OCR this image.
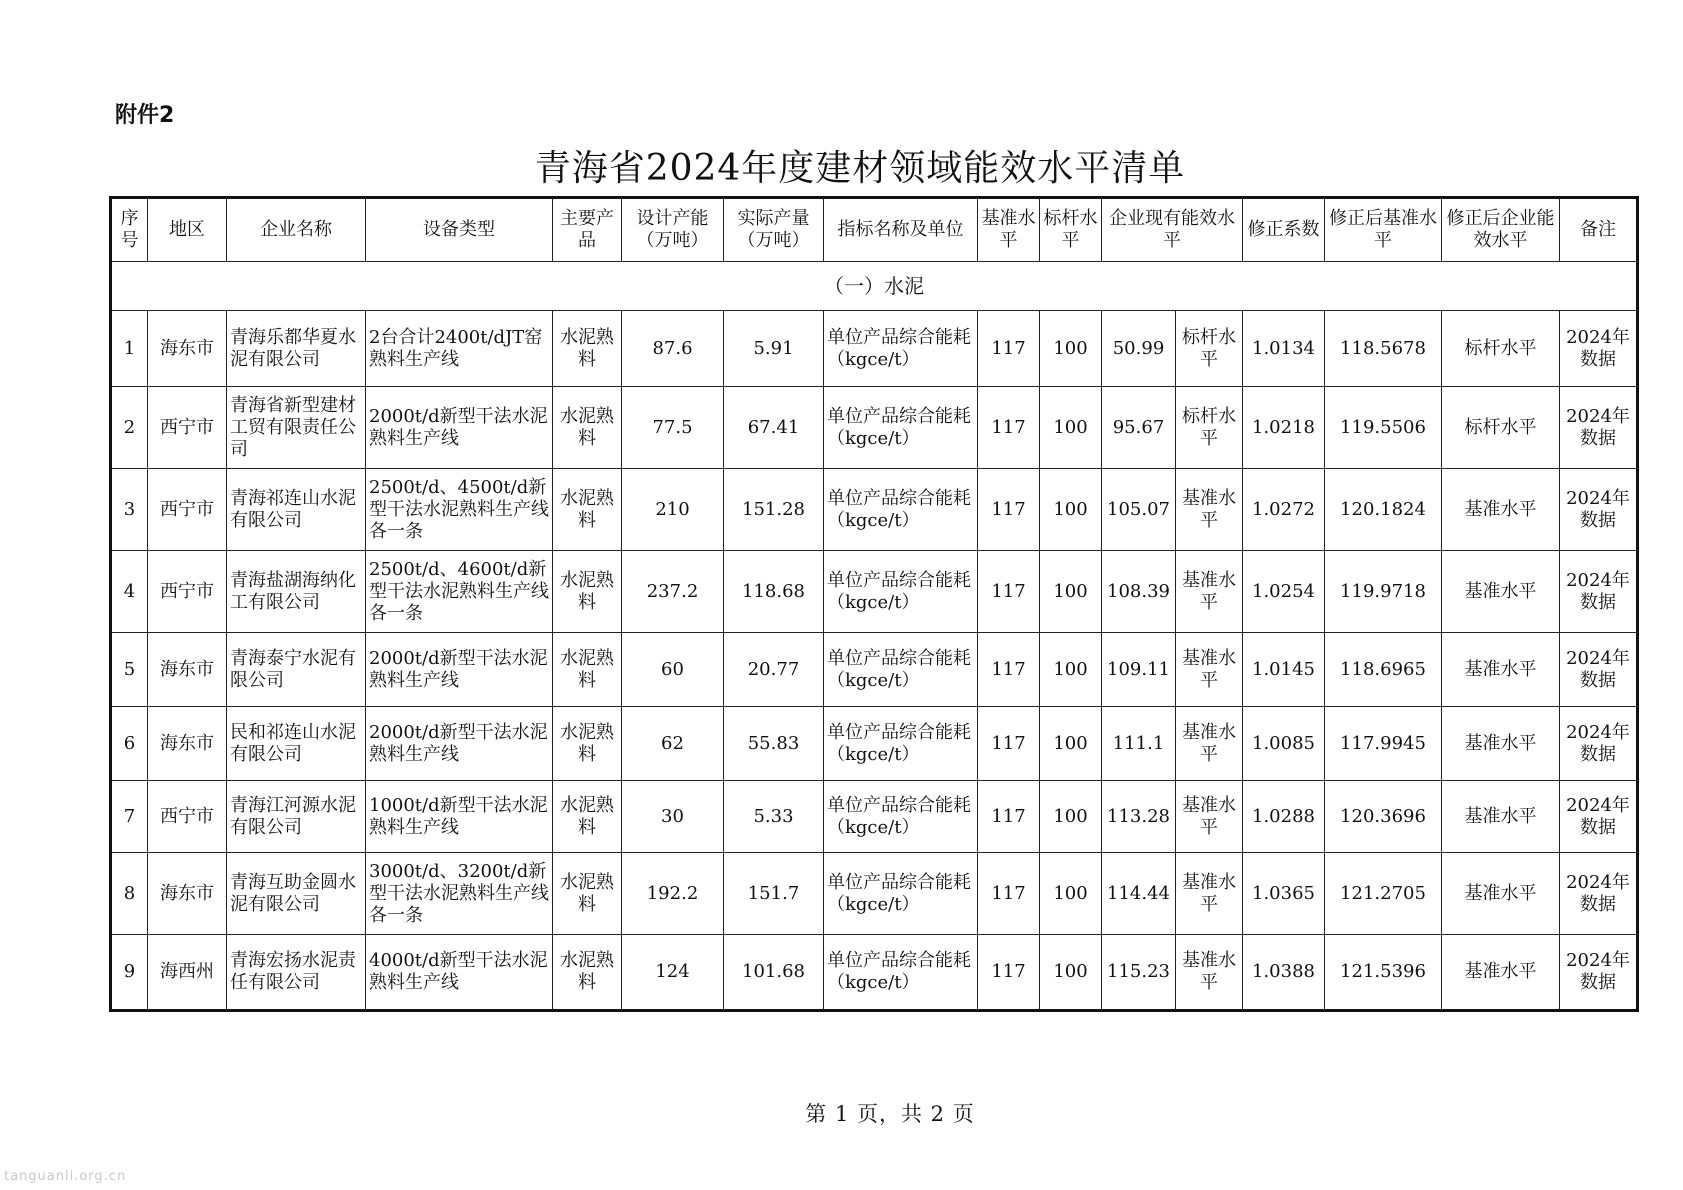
附件2
青海省2024年度建材领域能效水平清单
序号	地区	企业名称	设备类型	主要产品	设计产能（万吨）	实际产量（万吨）	指标名称及单位	基准水平	标杆水平	企业现有能效水平		修正系数	修正后基准水平	修正后企业能效水平	备注
（一）水泥															
1	海东市	青海乐都华夏水泥有限公司	2台合计2400t/dJT窑熟料生产线	水泥熟料	87.6	5.91	单位产品综合能耗（kgce/t）	117	100	50.99	标杆水平	1.0134	118.5678	标杆水平	2024年数据
2	西宁市	青海省新型建材工贸有限责任公司	2000t/d新型干法水泥熟料生产线	水泥熟料	77.5	67.41	单位产品综合能耗（kgce/t）	117	100	95.67	标杆水平	1.0218	119.5506	标杆水平	2024年数据
3	西宁市	青海祁连山水泥有限公司	2500t/d、4500t/d新型干法水泥熟料生产线各一条	水泥熟料	210	151.28	单位产品综合能耗（kgce/t）	117	100	105.07	基准水平	1.0272	120.1824	基准水平	2024年数据
4	西宁市	青海盐湖海纳化工有限公司	2500t/d、4600t/d新型干法水泥熟料生产线各一条	水泥熟料	237.2	118.68	单位产品综合能耗（kgce/t）	117	100	108.39	基准水平	1.0254	119.9718	基准水平	2024年数据
5	海东市	青海泰宁水泥有限公司	2000t/d新型干法水泥熟料生产线	水泥熟料	60	20.77	单位产品综合能耗（kgce/t）	117	100	109.11	基准水平	1.0145	118.6965	基准水平	2024年数据
6	海东市	民和祁连山水泥有限公司	2000t/d新型干法水泥熟料生产线	水泥熟料	62	55.83	单位产品综合能耗（kgce/t）	117	100	111.1	基准水平	1.0085	117.9945	基准水平	2024年数据
7	西宁市	青海江河源水泥有限公司	1000t/d新型干法水泥熟料生产线	水泥熟料	30	5.33	单位产品综合能耗（kgce/t）	117	100	113.28	基准水平	1.0288	120.3696	基准水平	2024年数据
8	海东市	青海互助金圆水泥有限公司	3000t/d、3200t/d新型干法水泥熟料生产线各一条	水泥熟料	192.2	151.7	单位产品综合能耗（kgce/t）	117	100	114.44	基准水平	1.0365	121.2705	基准水平	2024年数据
9	海西州	青海宏扬水泥责任有限公司	4000t/d新型干法水泥熟料生产线	水泥熟料	124	101.68	单位产品综合能耗（kgce/t）	117	100	115.23	基准水平	1.0388	121.5396	基准水平	2024年数据
第 1 页，共 2 页
tanguanli.org.cn
